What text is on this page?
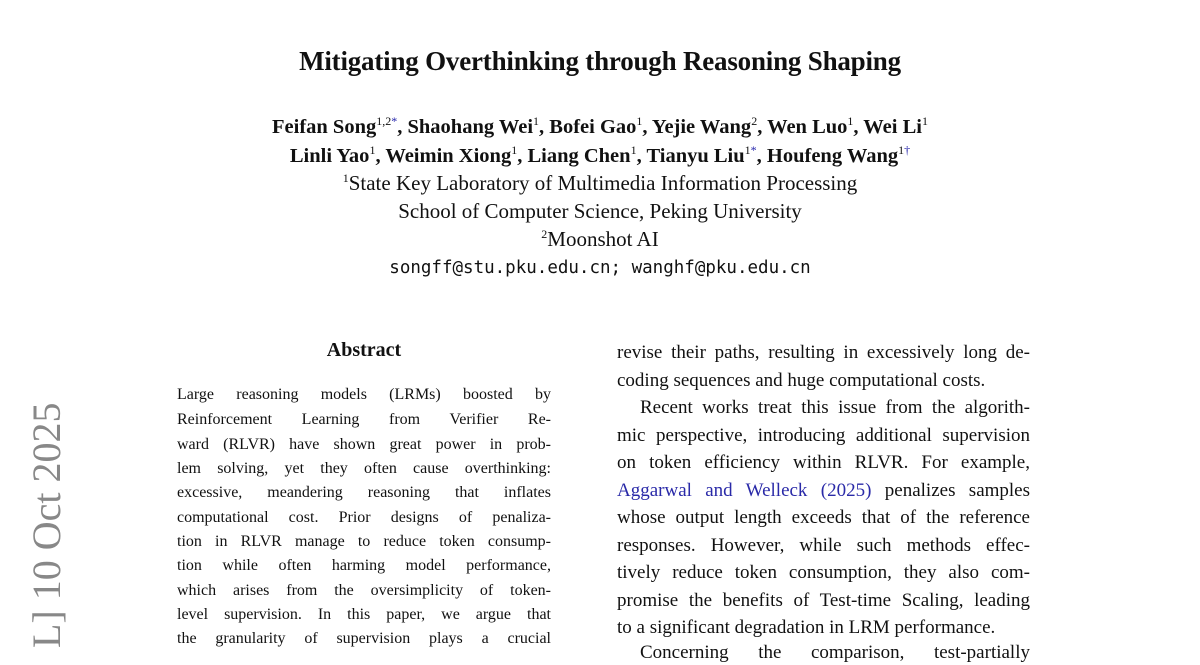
Mitigating Overthinking through Reasoning Shaping
Feifan Song$^{1,2*}$, Shaohang Wei$^1$, Bofei Gao$^1$, Yejie Wang$^2$, Wen Luo$^1$, Wei Li$^1$
Linli Yao$^1$, Weimin Xiong$^1$, Liang Chen$^1$, Tianyu Liu$^{1*}$, Houfeng Wang$^{1\dagger}$
$^1$State Key Laboratory of Multimedia Information Processing
School of Computer Science, Peking University
$^2$Moonshot AI
songff@stu.pku.edu.cn; wanghf@pku.edu.cn
Abstract
Large reasoning models (LRMs) boosted by
Reinforcement Learning from Verifier Re-
ward (RLVR) have shown great power in prob-
lem solving, yet they often cause overthinking:
excessive, meandering reasoning that inflates
computational cost. Prior designs of penaliza-
tion in RLVR manage to reduce token consump-
tion while often harming model performance,
which arises from the oversimplicity of token-
level supervision. In this paper, we argue that
the granularity of supervision plays a crucial
revise their paths, resulting in excessively long de-
coding sequences and huge computational costs.
Recent works treat this issue from the algorith-
mic perspective, introducing additional supervision
on token efficiency within RLVR. For example,
Aggarwal and Welleck (2025) penalizes samples
whose output length exceeds that of the reference
responses. However, while such methods effec-
tively reduce token consumption, they also com-
promise the benefits of Test-time Scaling, leading
to a significant degradation in LRM performance.
Concerning the comparison, test-partially
L] 10 Oct 2025
